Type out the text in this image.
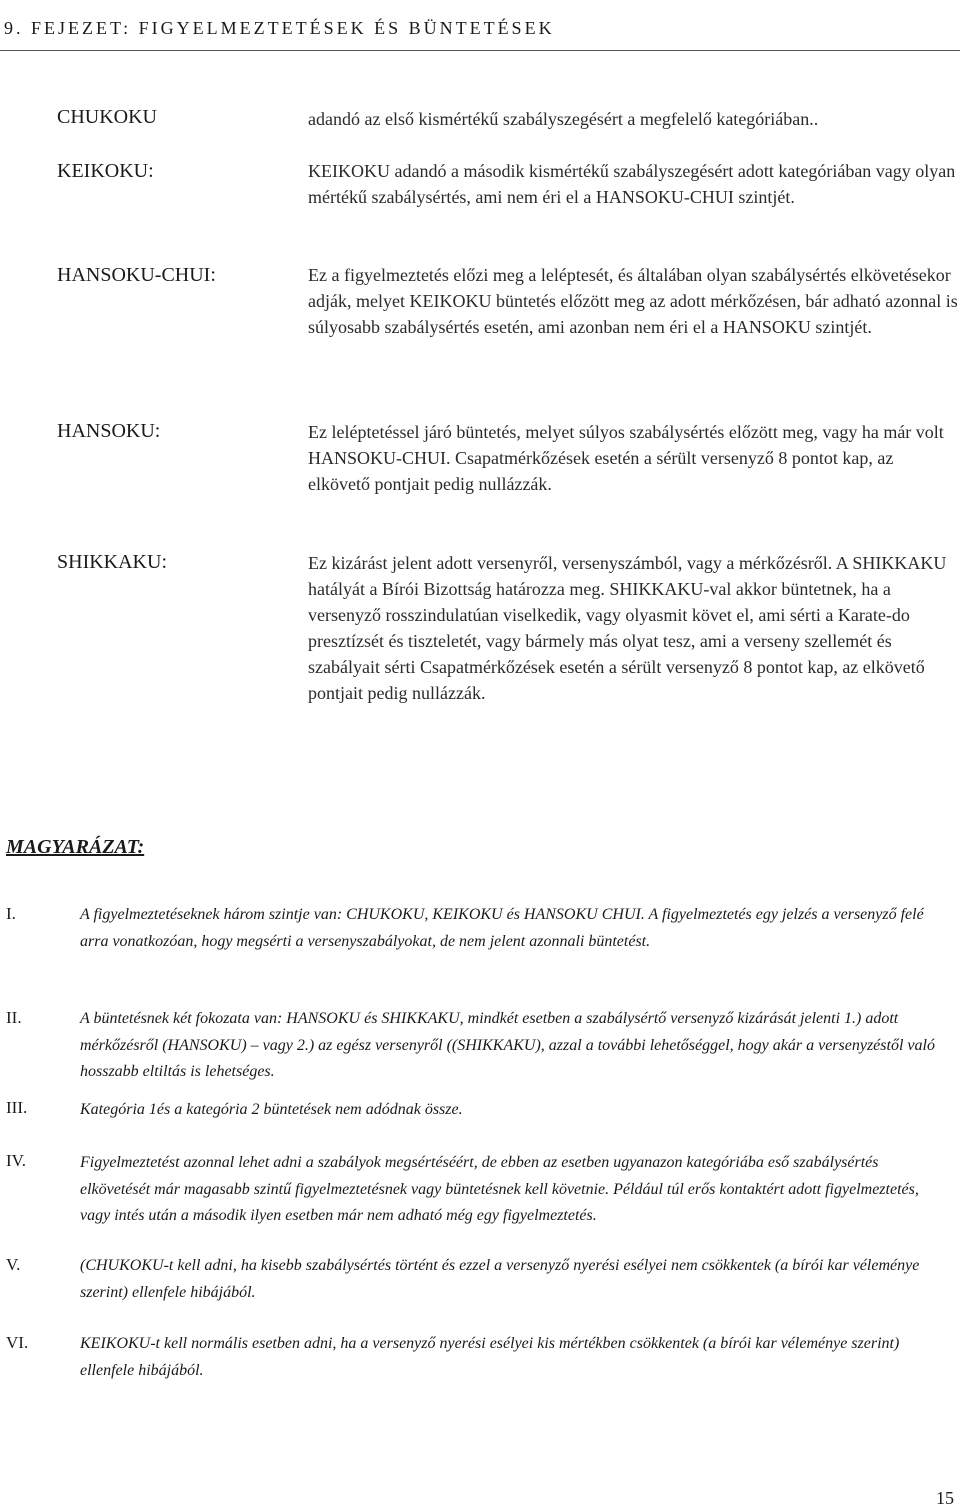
9. FEJEZET: FIGYELMEZTETÉSEK ÉS BÜNTETÉSEK

CHUKOKU	adandó az első kismértékű szabályszegésért a megfelelő kategóriában..

KEIKOKU:	KEIKOKU adandó a második kismértékű szabályszegésért adott kategóriában vagy olyan mértékű szabálysértés, ami nem éri el a HANSOKU-CHUI szintjét.

HANSOKU-CHUI:	Ez a figyelmeztetés előzi meg a leléptesét, és általában olyan szabálysértés elkövetésekor adják, melyet KEIKOKU büntetés előzött meg az adott mérkőzésen, bár adható azonnal is súlyosabb szabálysértés esetén, ami azonban nem éri el a HANSOKU szintjét.

HANSOKU:	Ez leléptetéssel járó büntetés, melyet súlyos szabálysértés előzött meg, vagy ha már volt HANSOKU-CHUI. Csapatmérkőzések esetén a sérült versenyző 8 pontot kap, az elkövető pontjait pedig nullázzák.

SHIKKAKU:	Ez kizárást jelent adott versenyről, versenyszámból, vagy a mérkőzésről. A SHIKKAKU hatályát a Bírói Bizottság határozza meg. SHIKKAKU-val akkor büntetnek, ha a versenyző rosszindulatúan viselkedik, vagy olyasmit követ el, ami sérti a Karate-do presztízsét és tiszteletét, vagy bármely más olyat tesz, ami a verseny szellemét és szabályait sérti Csapatmérkőzések esetén a sérült versenyző 8 pontot kap, az elkövető pontjait pedig nullázzák.

MAGYARÁZAT:

I.	A figyelmeztetéseknek három szintje van: CHUKOKU, KEIKOKU és HANSOKU CHUI. A figyelmeztetés egy jelzés a versenyző felé arra vonatkozóan, hogy megsérti a versenyszabályokat, de nem jelent azonnali büntetést.

II.	A büntetésnek két fokozata van: HANSOKU és SHIKKAKU, mindkét esetben a szabálysértő versenyző kizárását jelenti 1.) adott mérkőzésről (HANSOKU) – vagy 2.) az egész versenyről ((SHIKKAKU), azzal a további lehetőséggel, hogy akár a versenyzéstől való hosszabb eltiltás is lehetséges.

III.	Kategória 1és a kategória 2 büntetések nem adódnak össze.

IV.	Figyelmeztetést azonnal lehet adni a szabályok megsértéséért, de ebben az esetben ugyanazon kategóriába eső szabálysértés elkövetését már magasabb szintű figyelmeztetésnek vagy büntetésnek kell követnie. Például túl erős kontaktért adott figyelmeztetés, vagy intés után a második ilyen esetben már nem adható még egy figyelmeztetés.

V.	(CHUKOKU-t kell adni, ha kisebb szabálysértés történt és ezzel a versenyző nyerési esélyei nem csökkentek (a bírói kar véleménye szerint) ellenfele hibájából.

VI.	KEIKOKU-t kell normális esetben adni, ha a versenyző nyerési esélyei kis mértékben csökkentek (a bírói kar véleménye szerint) ellenfele hibájából.

15
